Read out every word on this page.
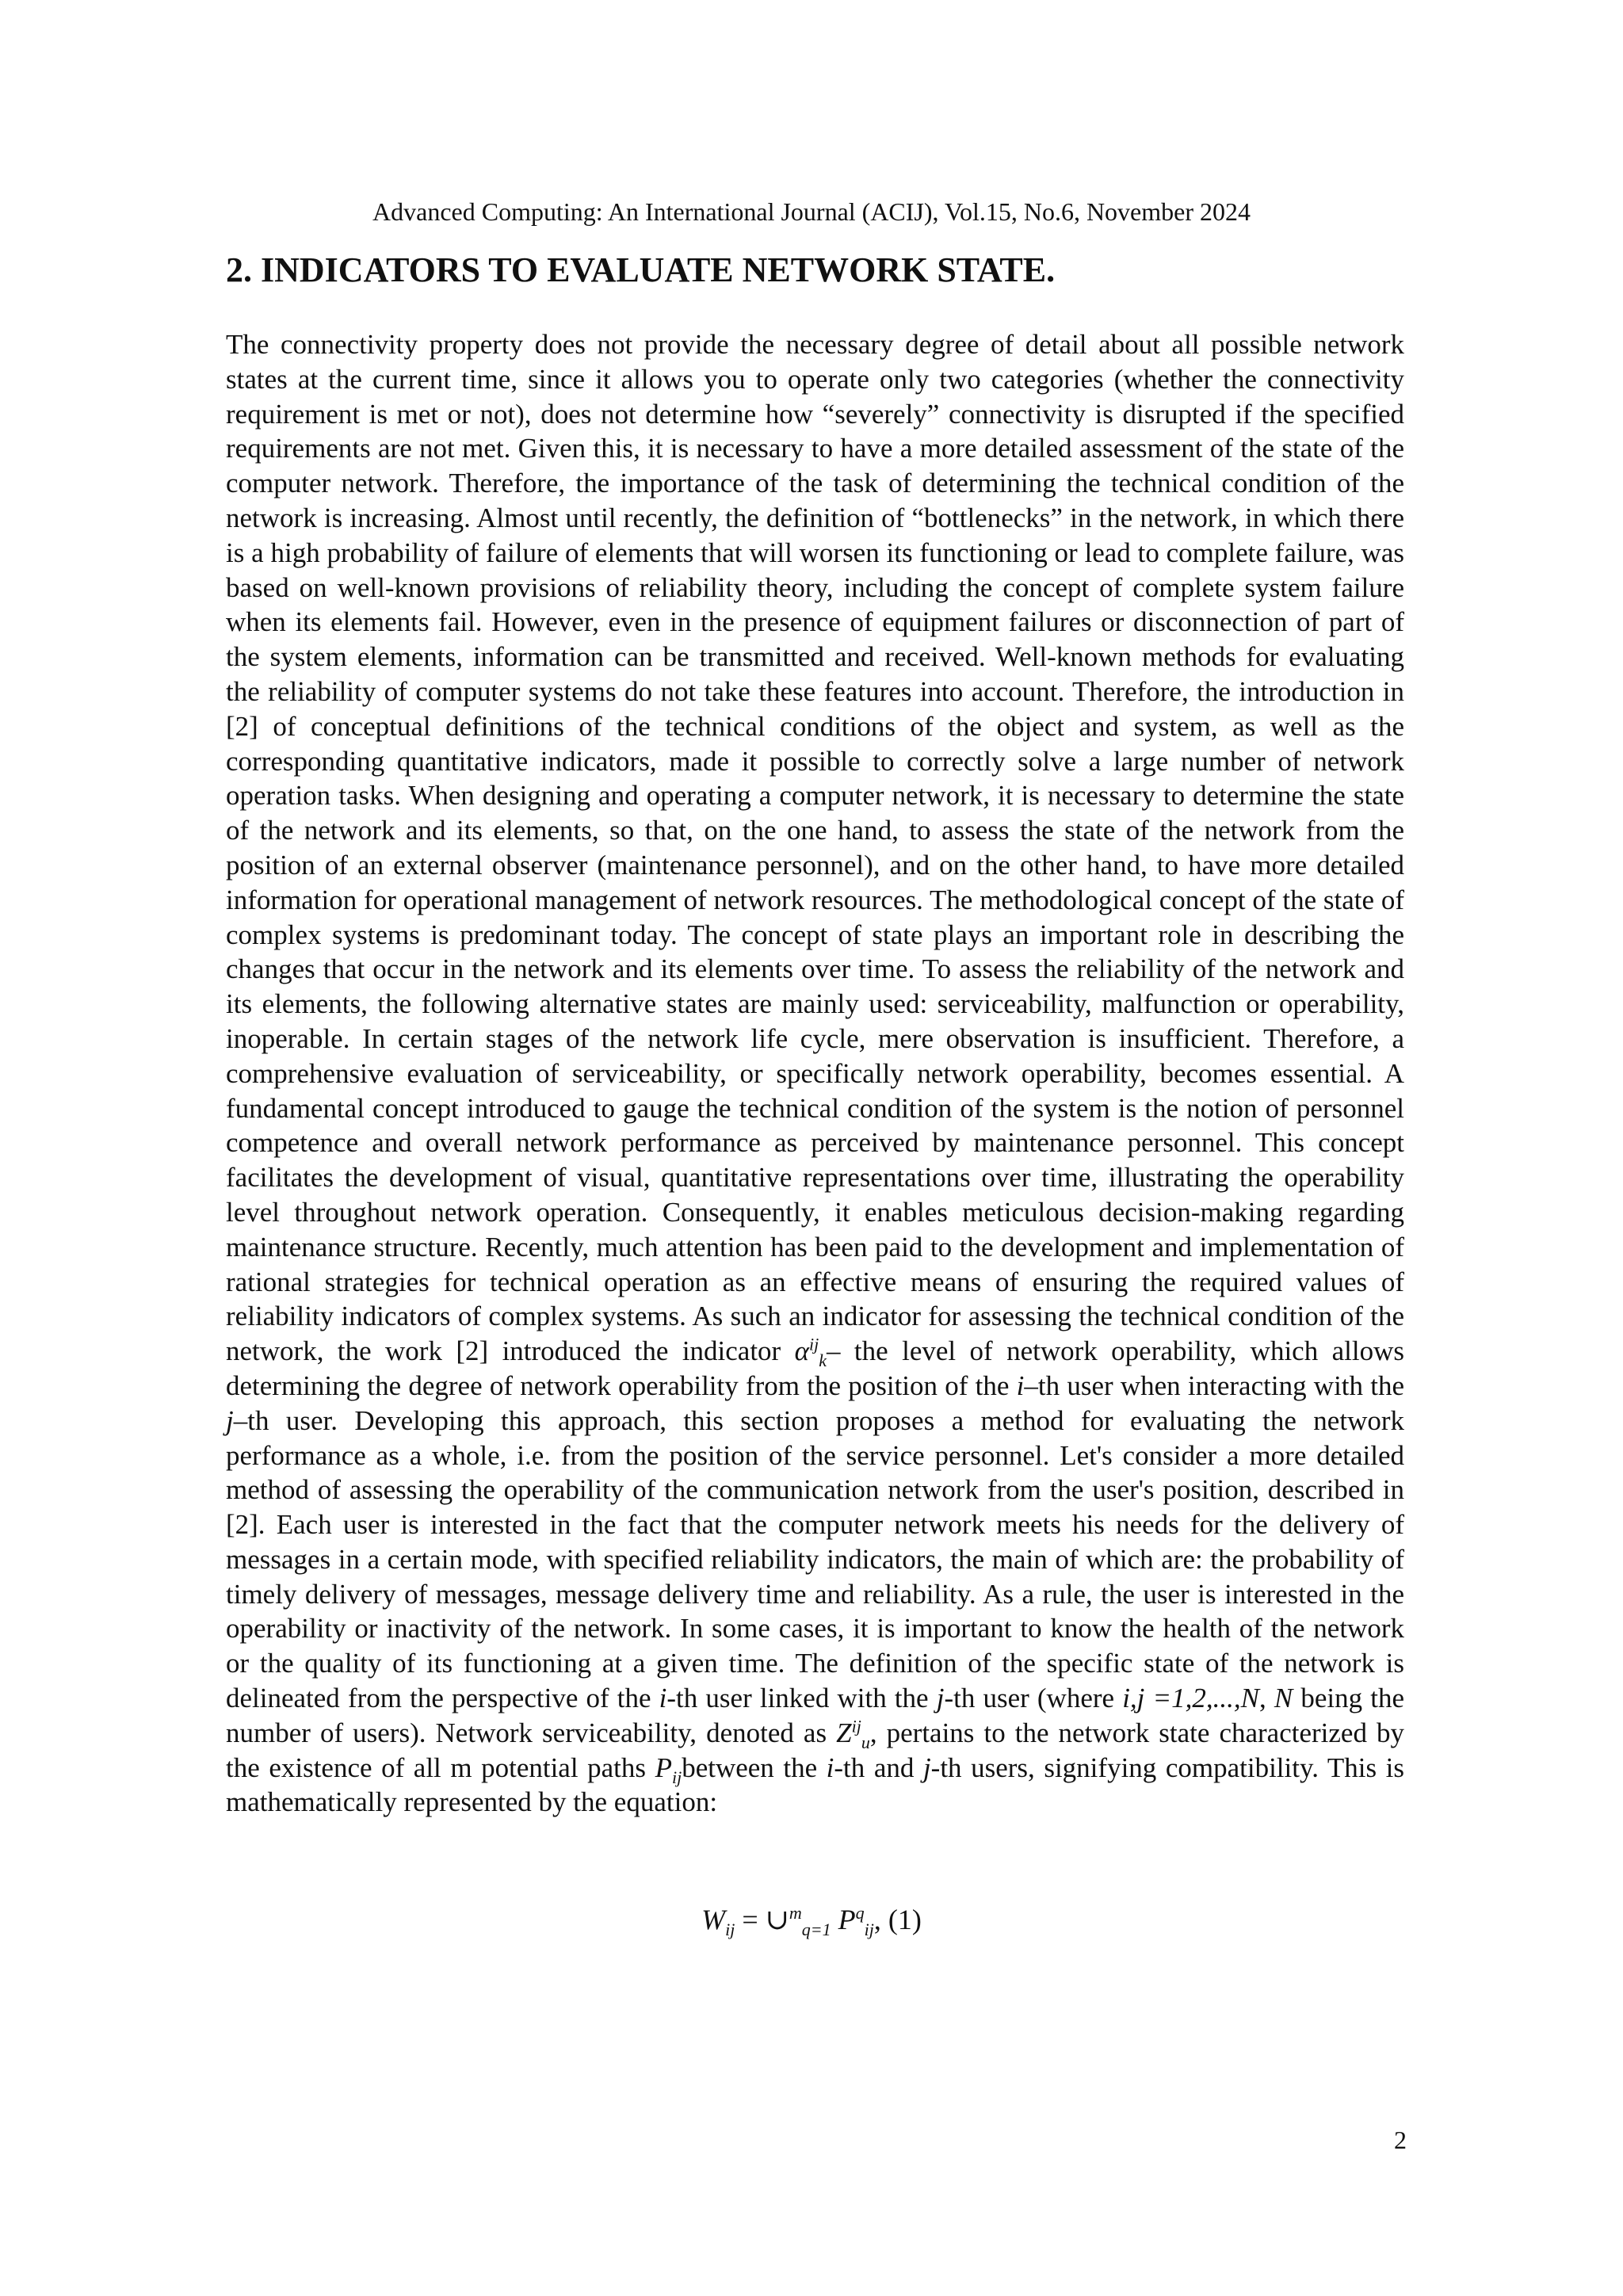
Advanced Computing: An International Journal (ACIJ), Vol.15, No.6, November 2024
2. INDICATORS TO EVALUATE NETWORK STATE.

The connectivity property does not provide the necessary degree of detail about all possible network states at the current time, since it allows you to operate only two categories (whether the connectivity requirement is met or not), does not determine how “severely” connectivity is disrupted if the specified requirements are not met. Given this, it is necessary to have a more detailed assessment of the state of the computer network. Therefore, the importance of the task of determining the technical condition of the network is increasing. Almost until recently, the definition of “bottlenecks” in the network, in which there is a high probability of failure of elements that will worsen its functioning or lead to complete failure, was based on well-known provisions of reliability theory, including the concept of complete system failure when its elements fail. However, even in the presence of equipment failures or disconnection of part of the system elements, information can be transmitted and received. Well-known methods for evaluating the reliability of computer systems do not take these features into account. Therefore, the introduction in [2] of conceptual definitions of the technical conditions of the object and system, as well as the corresponding quantitative indicators, made it possible to correctly solve a large number of network operation tasks. When designing and operating a computer network, it is necessary to determine the state of the network and its elements, so that, on the one hand, to assess the state of the network from the position of an external observer (maintenance personnel), and on the other hand, to have more detailed information for operational management of network resources. The methodological concept of the state of complex systems is predominant today. The concept of state plays an important role in describing the changes that occur in the network and its elements over time. To assess the reliability of the network and its elements, the following alternative states are mainly used: serviceability, malfunction or operability, inoperable. In certain stages of the network life cycle, mere observation is insufficient. Therefore, a comprehensive evaluation of serviceability, or specifically network operability, becomes essential. A fundamental concept introduced to gauge the technical condition of the system is the notion of personnel competence and overall network performance as perceived by maintenance personnel. This concept facilitates the development of visual, quantitative representations over time, illustrating the operability level throughout network operation. Consequently, it enables meticulous decision-making regarding maintenance structure. Recently, much attention has been paid to the development and implementation of rational strategies for technical operation as an effective means of ensuring the required values of reliability indicators of complex systems. As such an indicator for assessing the technical condition of the network, the work [2] introduced the indicator $\alpha^{ij}_k-$ the level of network operability, which allows determining the degree of network operability from the position of the i–th user when interacting with the j–th user. Developing this approach, this section proposes a method for evaluating the network performance as a whole, i.e. from the position of the service personnel. Let's consider a more detailed method of assessing the operability of the communication network from the user's position, described in [2]. Each user is interested in the fact that the computer network meets his needs for the delivery of messages in a certain mode, with specified reliability indicators, the main of which are: the probability of timely delivery of messages, message delivery time and reliability. As a rule, the user is interested in the operability or inactivity of the network. In some cases, it is important to know the health of the network or the quality of its functioning at a given time. The definition of the specific state of the network is delineated from the perspective of the i-th user linked with the j-th user (where i,j =1,2,...,N, N being the number of users). Network serviceability, denoted as $Z^{ij}_u$, pertains to the network state characterized by the existence of all m potential paths $P_{ij}between$ the i-th and j-th users, signifying compatibility. This is mathematically represented by the equation:

$W_{ij}$ = ∪$^m_{q=1}$ $P^q_{ij}$, (1)
2
